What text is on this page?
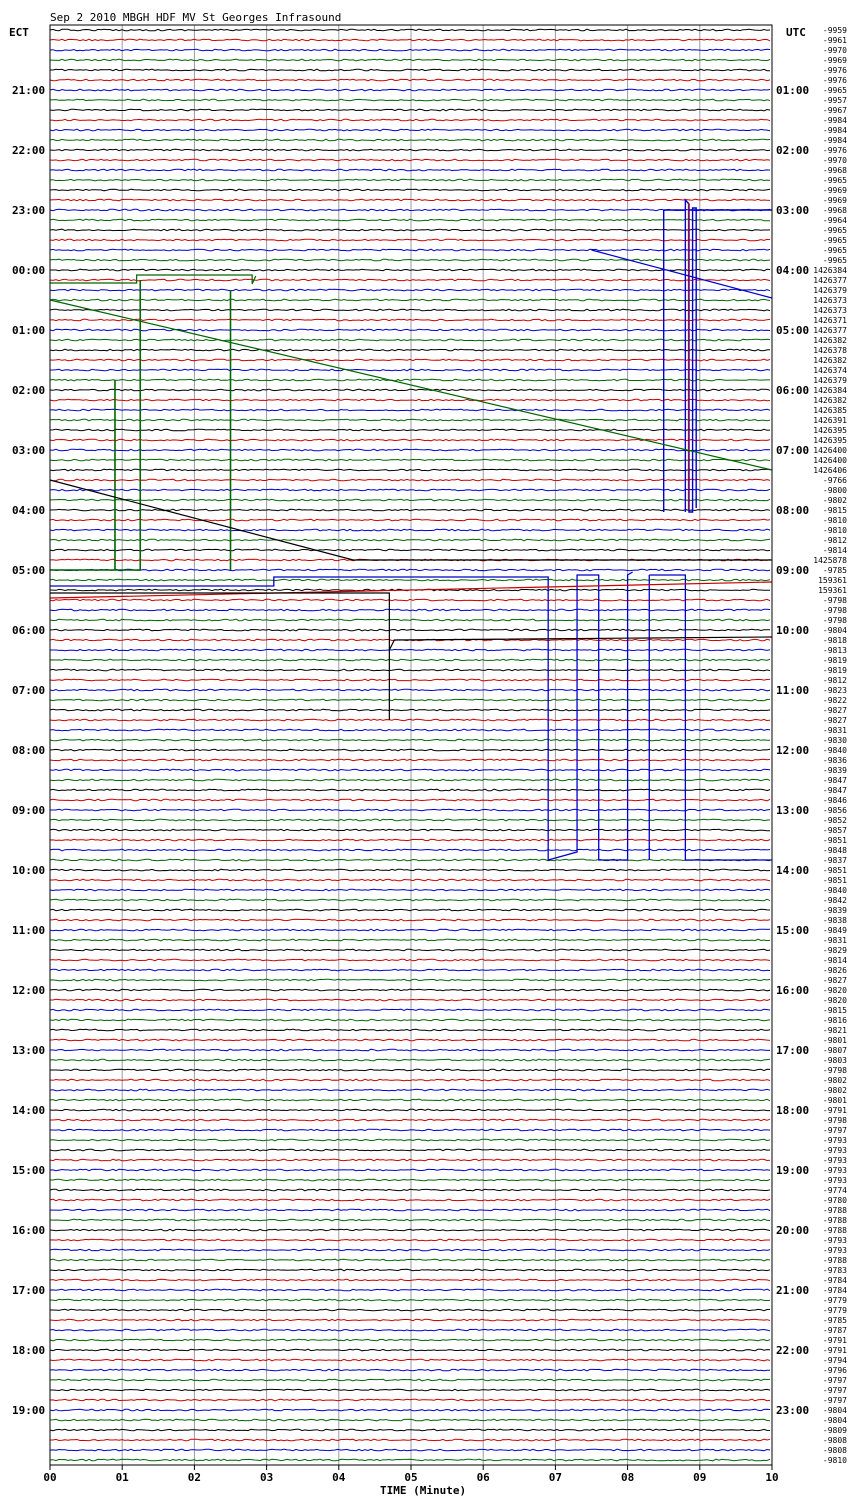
Sep 2 2010 MBGH HDF MV St Georges Infrasound
ECT	UTC
21:00
22:00
23:00
00:00
01:00
02:00
03:00
04:00
05:00
06:00
07:00
08:00
09:00
10:00
11:00
12:00
13:00
14:00
15:00
16:00
17:00
18:00
19:00
01:00
02:00
03:00
04:00
05:00
06:00
07:00
08:00
09:00
10:00
11:00
12:00
13:00
14:00
15:00
16:00
17:00
18:00
19:00
20:00
21:00
22:00
23:00
-9959
-9961
-9970
-9969
-9976
-9976
-9965
-9957
-9967
-9984
-9984
-9984
-9976
-9970
-9968
-9965
-9969
-9969
-9968
-9964
-9965
-9965
-9965
-9965
1426384
1426377
1426379
1426373
1426373
1426371
1426377
1426382
1426378
1426382
1426374
1426379
1426384
1426382
1426385
1426391
1426395
1426395
1426400
1426400
1426406
-9766
-9800
-9802
-9815
-9810
-9810
-9812
-9814
1425878
-9785
159361
159361
-9798
-9798
-9798
-9804
-9818
-9813
-9819
-9819
-9812
-9823
-9822
-9827
-9827
-9831
-9830
-9840
-9836
-9839
-9847
-9847
-9846
-9856
-9852
-9857
-9851
-9848
-9837
-9851
-9851
-9840
-9842
-9839
-9838
-9849
-9831
-9829
-9814
-9826
-9827
-9820
-9820
-9815
-9816
-9821
-9801
-9807
-9803
-9798
-9802
-9802
-9801
-9791
-9798
-9797
-9793
-9793
-9793
-9793
-9793
-9774
-9780
-9788
-9788
-9788
-9793
-9793
-9788
-9783
-9784
-9784
-9779
-9779
-9785
-9787
-9791
-9791
-9794
-9796
-9797
-9797
-9797
-9804
-9804
-9809
-9808
-9808
-9810
00	01	02	03	04	05	06	07	08	09	10
TIME (Minute)
